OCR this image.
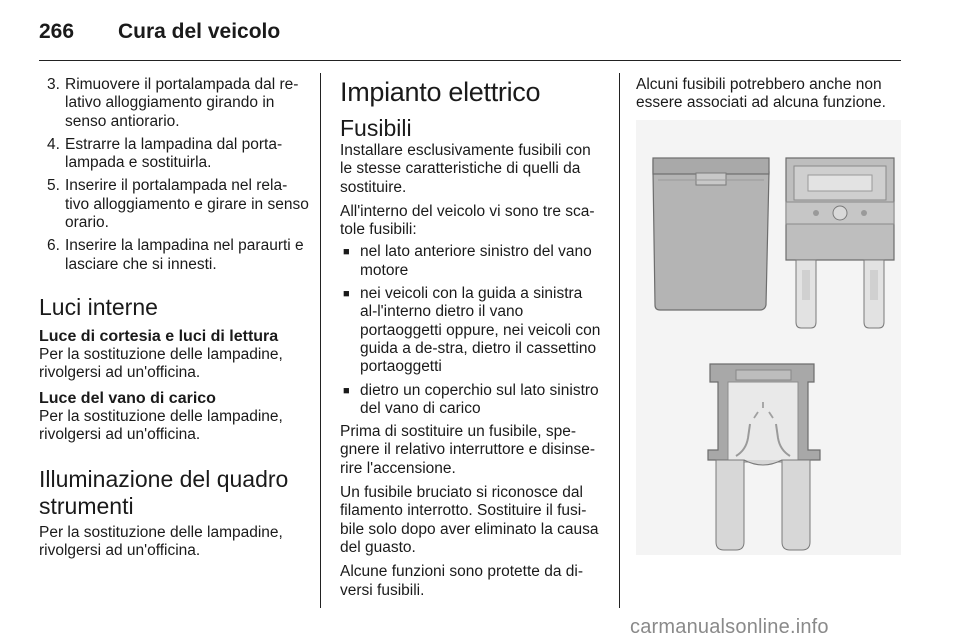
266 Cura del veicolo
3. Rimuovere il portalampada dal re-lativo alloggiamento girando in senso antiorario.
4. Estrarre la lampadina dal porta-lampada e sostituirla.
5. Inserire il portalampada nel rela-tivo alloggiamento e girare in senso orario.
6. Inserire la lampadina nel paraurti e lasciare che si innesti.
Luci interne
Luce di cortesia e luci di lettura

Per la sostituzione delle lampadine, rivolgersi ad un'officina.

Luce del vano di carico

Per la sostituzione delle lampadine, rivolgersi ad un'officina.

Illuminazione del quadro strumenti

Per la sostituzione delle lampadine, rivolgersi ad un'officina.

Impianto elettrico
Fusibili

Installare esclusivamente fusibili con le stesse caratteristiche di quelli da sostituire.

All'interno del veicolo vi sono tre sca-tole fusibili:

■ nel lato anteriore sinistro del vano motore
■ nei veicoli con la guida a sinistra al-l'interno dietro il vano portaoggetti oppure, nei veicoli con guida a de-stra, dietro il cassettino portaoggetti
■ dietro un coperchio sul lato sinistro del vano di carico

Prima di sostituire un fusibile, spe-gnere il relativo interruttore e disinse-rire l'accensione.

Un fusibile bruciato si riconosce dal filamento interrotto. Sostituire il fusi-bile solo dopo aver eliminato la causa del guasto.

Alcune funzioni sono protette da di-versi fusibili.

Alcuni fusibili potrebbero anche non essere associati ad alcuna funzione.

carmanualsonline.info
